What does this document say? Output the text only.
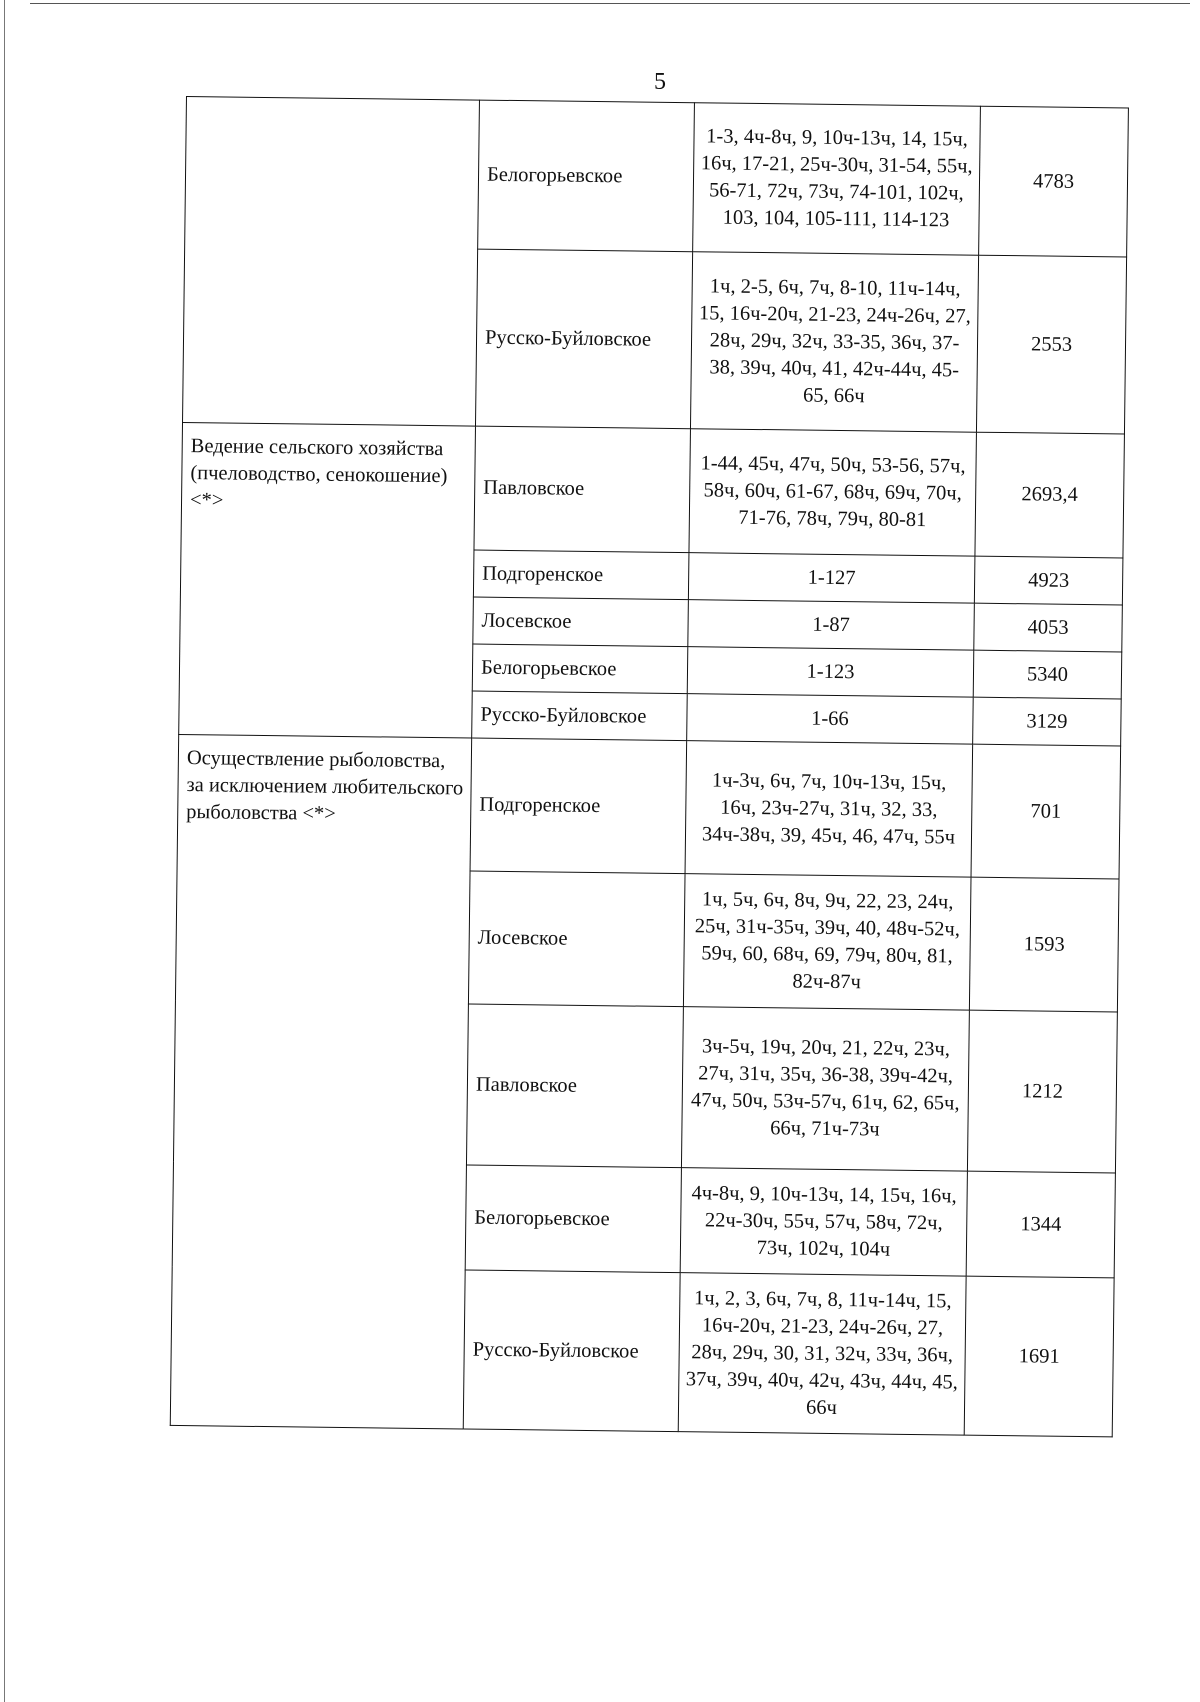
5
	Белогорьевское	1-3, 4ч-8ч, 9, 10ч-13ч, 14, 15ч, 16ч, 17-21, 25ч-30ч, 31-54, 55ч, 56-71, 72ч, 73ч, 74-101, 102ч, 103, 104, 105-111, 114-123	4783
	Русско-Буйловское	1ч, 2-5, 6ч, 7ч, 8-10, 11ч-14ч, 15, 16ч-20ч, 21-23, 24ч-26ч, 27, 28ч, 29ч, 32ч, 33-35, 36ч, 37-38, 39ч, 40ч, 41, 42ч-44ч, 45-65, 66ч	2553
Ведение сельского хозяйства (пчеловодство, сенокошение) <*>	Павловское	1-44, 45ч, 47ч, 50ч, 53-56, 57ч, 58ч, 60ч, 61-67, 68ч, 69ч, 70ч, 71-76, 78ч, 79ч, 80-81	2693,4
	Подгоренское	1-127	4923
	Лосевское	1-87	4053
	Белогорьевское	1-123	5340
	Русско-Буйловское	1-66	3129
Осуществление рыболовства, за исключением любительского рыболовства <*>	Подгоренское	1ч-3ч, 6ч, 7ч, 10ч-13ч, 15ч, 16ч, 23ч-27ч, 31ч, 32, 33, 34ч-38ч, 39, 45ч, 46, 47ч, 55ч	701
	Лосевское	1ч, 5ч, 6ч, 8ч, 9ч, 22, 23, 24ч, 25ч, 31ч-35ч, 39ч, 40, 48ч-52ч, 59ч, 60, 68ч, 69, 79ч, 80ч, 81, 82ч-87ч	1593
	Павловское	3ч-5ч, 19ч, 20ч, 21, 22ч, 23ч, 27ч, 31ч, 35ч, 36-38, 39ч-42ч, 47ч, 50ч, 53ч-57ч, 61ч, 62, 65ч, 66ч, 71ч-73ч	1212
	Белогорьевское	4ч-8ч, 9, 10ч-13ч, 14, 15ч, 16ч, 22ч-30ч, 55ч, 57ч, 58ч, 72ч, 73ч, 102ч, 104ч	1344
	Русско-Буйловское	1ч, 2, 3, 6ч, 7ч, 8, 11ч-14ч, 15, 16ч-20ч, 21-23, 24ч-26ч, 27, 28ч, 29ч, 30, 31, 32ч, 33ч, 36ч, 37ч, 39ч, 40ч, 42ч, 43ч, 44ч, 45, 66ч	1691
